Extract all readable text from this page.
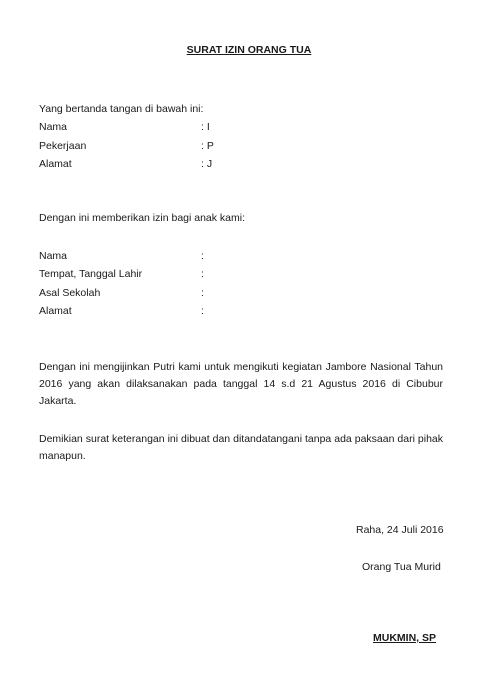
SURAT IZIN ORANG TUA
Yang bertanda tangan di bawah ini:
Nama	: I
Pekerjaan	: P
Alamat	: J
Dengan ini memberikan izin bagi anak kami:
Nama	:
Tempat, Tanggal Lahir	:
Asal Sekolah	:
Alamat	:
Dengan ini mengijinkan Putri kami untuk mengikuti kegiatan Jambore Nasional Tahun 2016 yang akan dilaksanakan pada tanggal 14 s.d 21 Agustus 2016 di Cibubur Jakarta.
Demikian surat keterangan ini dibuat dan ditandatangani tanpa ada paksaan dari pihak manapun.
Raha, 24 Juli 2016
Orang Tua Murid
MUKMIN, SP
